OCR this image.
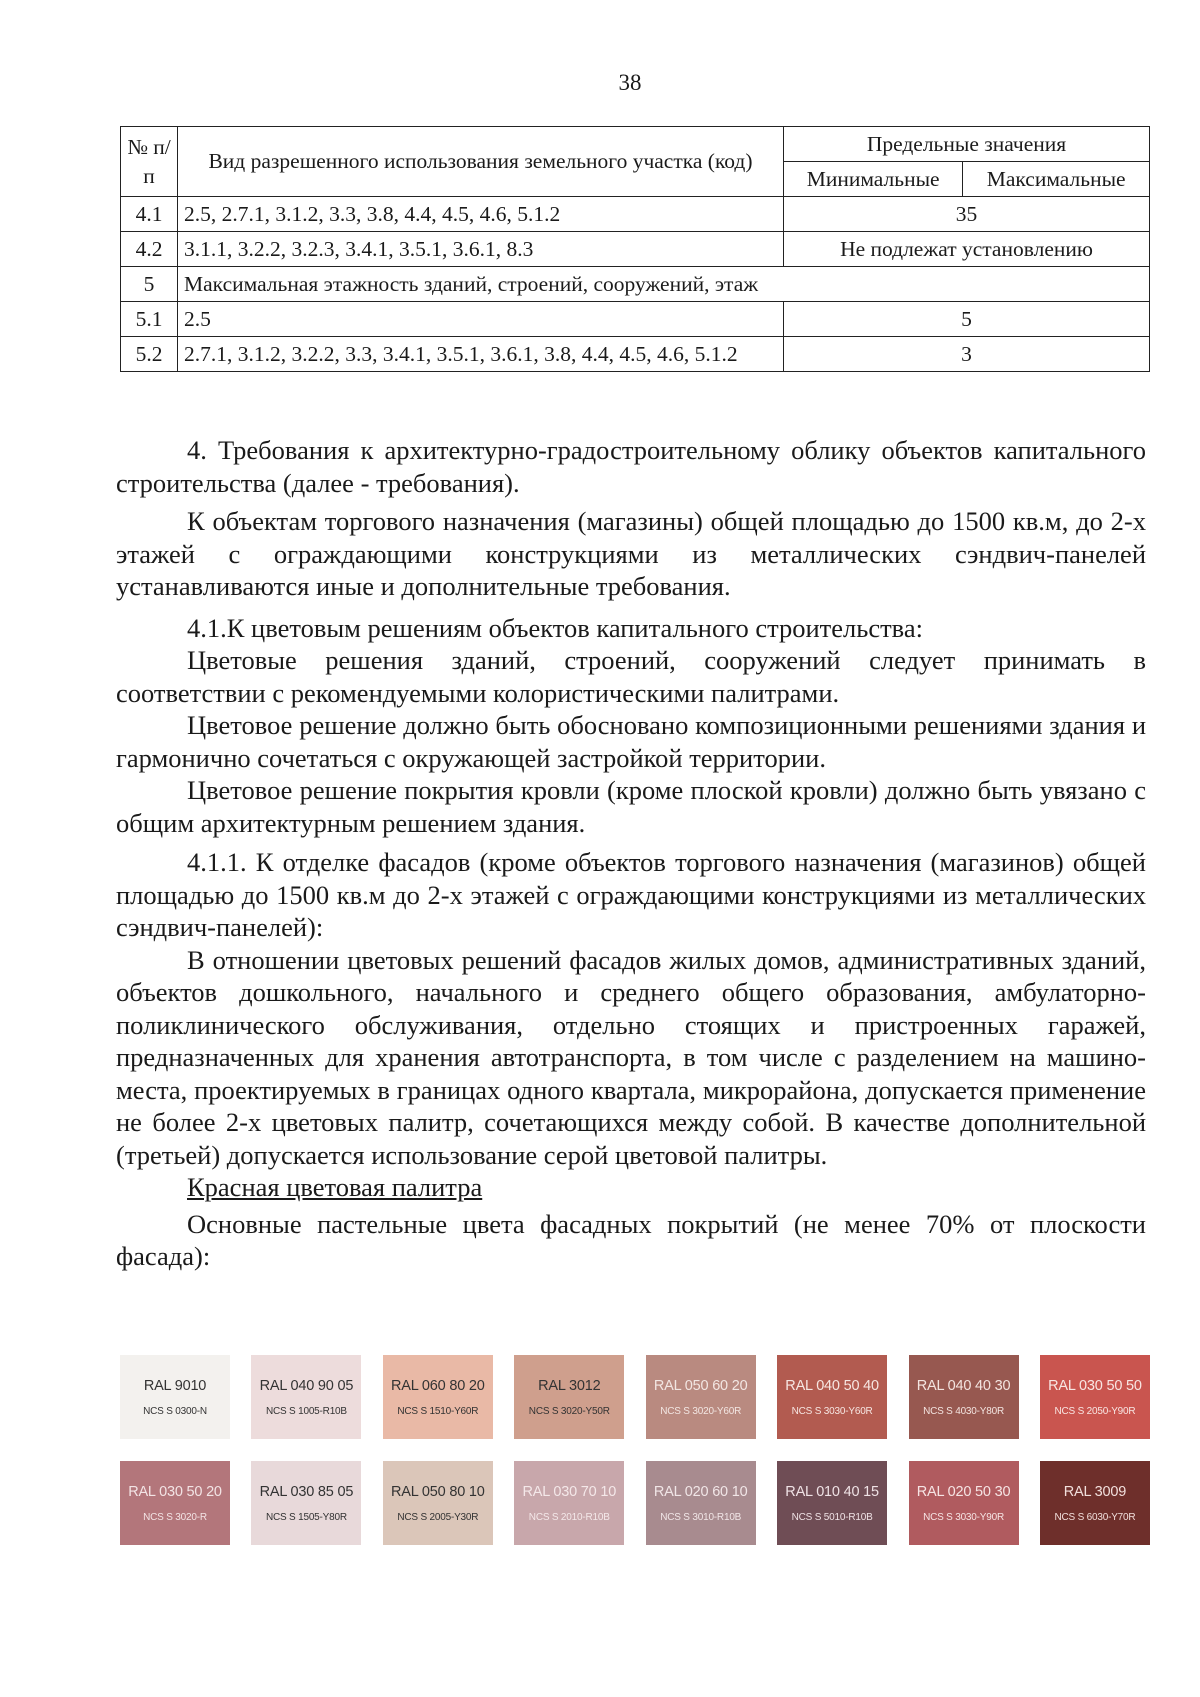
38
№ п/п	Вид разрешенного использования земельного участка (код)	Предельные значения	
		Минимальные	Максимальные
4.1	2.5, 2.7.1, 3.1.2, 3.3, 3.8, 4.4, 4.5, 4.6, 5.1.2	35	
4.2	3.1.1, 3.2.2, 3.2.3, 3.4.1, 3.5.1, 3.6.1, 8.3	Не подлежат установлению	
5	Максимальная этажность зданий, строений, сооружений, этаж		
5.1	2.5	5	
5.2	2.7.1, 3.1.2, 3.2.2, 3.3, 3.4.1, 3.5.1, 3.6.1, 3.8, 4.4, 4.5, 4.6, 5.1.2	3	

4. Требования к архитектурно-градостроительному облику объектов капитального строительства (далее - требования).

К объектам торгового назначения (магазины) общей площадью до 1500 кв.м, до 2-х этажей с ограждающими конструкциями из металлических сэндвич-панелей устанавливаются иные и дополнительные требования.

4.1.К цветовым решениям объектов капитального строительства:

Цветовые решения зданий, строений, сооружений следует принимать в соответствии с рекомендуемыми колористическими палитрами.

Цветовое решение должно быть обосновано композиционными решениями здания и гармонично сочетаться с окружающей застройкой территории.

Цветовое решение покрытия кровли (кроме плоской кровли) должно быть увязано с общим архитектурным решением здания.

4.1.1. К отделке фасадов (кроме объектов торгового назначения (магазинов) общей площадью до 1500 кв.м до 2-х этажей с ограждающими конструкциями из металлических сэндвич-панелей):

В отношении цветовых решений фасадов жилых домов, административных зданий, объектов дошкольного, начального и среднего общего образования, амбулаторно-поликлинического обслуживания, отдельно стоящих и пристроенных гаражей, предназначенных для хранения автотранспорта, в том числе с разделением на машино-места, проектируемых в границах одного квартала, микрорайона, допускается применение не более 2-х цветовых палитр, сочетающихся между собой. В качестве дополнительной (третьей) допускается использование серой цветовой палитры.

Красная цветовая палитра

Основные пастельные цвета фасадных покрытий (не менее 70% от плоскости фасада):

RAL 9010
NCS S 0300-N
RAL 040 90 05
NCS S 1005-R10B
RAL 060 80 20
NCS S 1510-Y60R
RAL 3012
NCS S 3020-Y50R
RAL 050 60 20
NCS S 3020-Y60R
RAL 040 50 40
NCS S 3030-Y60R
RAL 040 40 30
NCS S 4030-Y80R
RAL 030 50 50
NCS S 2050-Y90R
RAL 030 50 20
NCS S 3020-R
RAL 030 85 05
NCS S 1505-Y80R
RAL 050 80 10
NCS S 2005-Y30R
RAL 030 70 10
NCS S 2010-R10B
RAL 020 60 10
NCS S 3010-R10B
RAL 010 40 15
NCS S 5010-R10B
RAL 020 50 30
NCS S 3030-Y90R
RAL 3009
NCS S 6030-Y70R
